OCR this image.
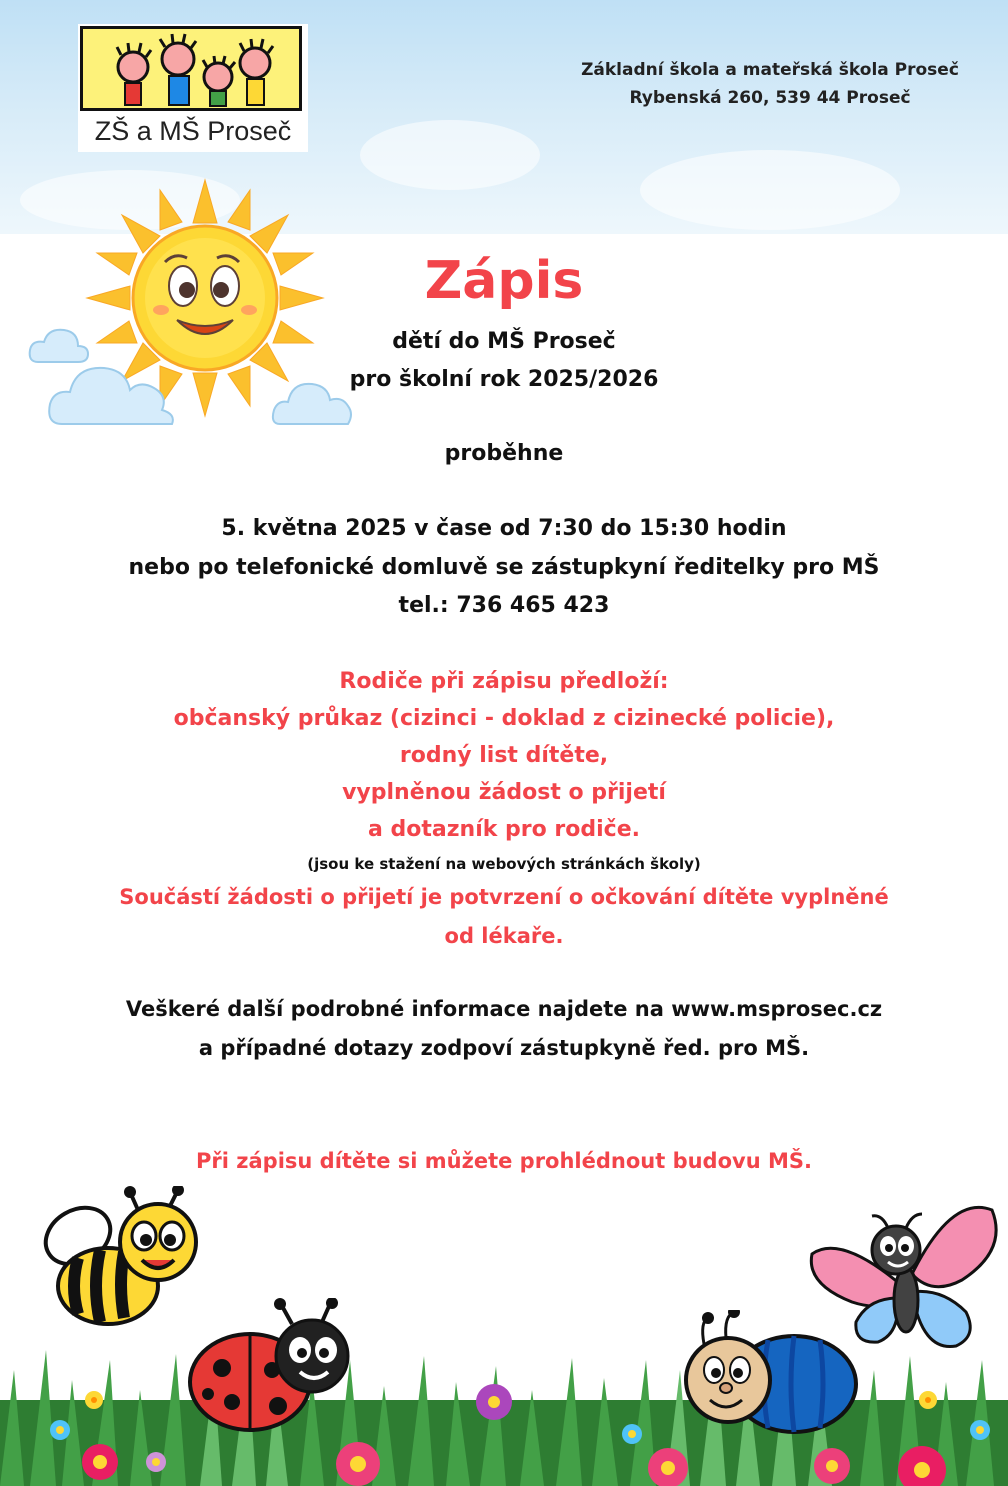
ZŠ a MŠ Proseč
Základní škola a mateřská škola Proseč
Rybenská 260, 539 44 Proseč
Zápis
dětí do MŠ Proseč
pro školní rok 2025/2026
proběhne
5. května 2025 v čase od 7:30 do 15:30 hodin
nebo po telefonické domluvě se zástupkyní ředitelky pro MŠ
tel.: 736 465 423
Rodiče při zápisu předloží:
občanský průkaz (cizinci - doklad z cizinecké policie),
rodný list dítěte,
vyplněnou žádost o přijetí
a dotazník pro rodiče.
(jsou ke stažení na webových stránkách školy)
Součástí žádosti o přijetí je potvrzení o očkování dítěte vyplněné
od lékaře.
Veškeré další podrobné informace najdete na www.msprosec.cz
a případné dotazy zodpoví zástupkyně řed. pro MŠ.
Při zápisu dítěte si můžete prohlédnout budovu MŠ.
